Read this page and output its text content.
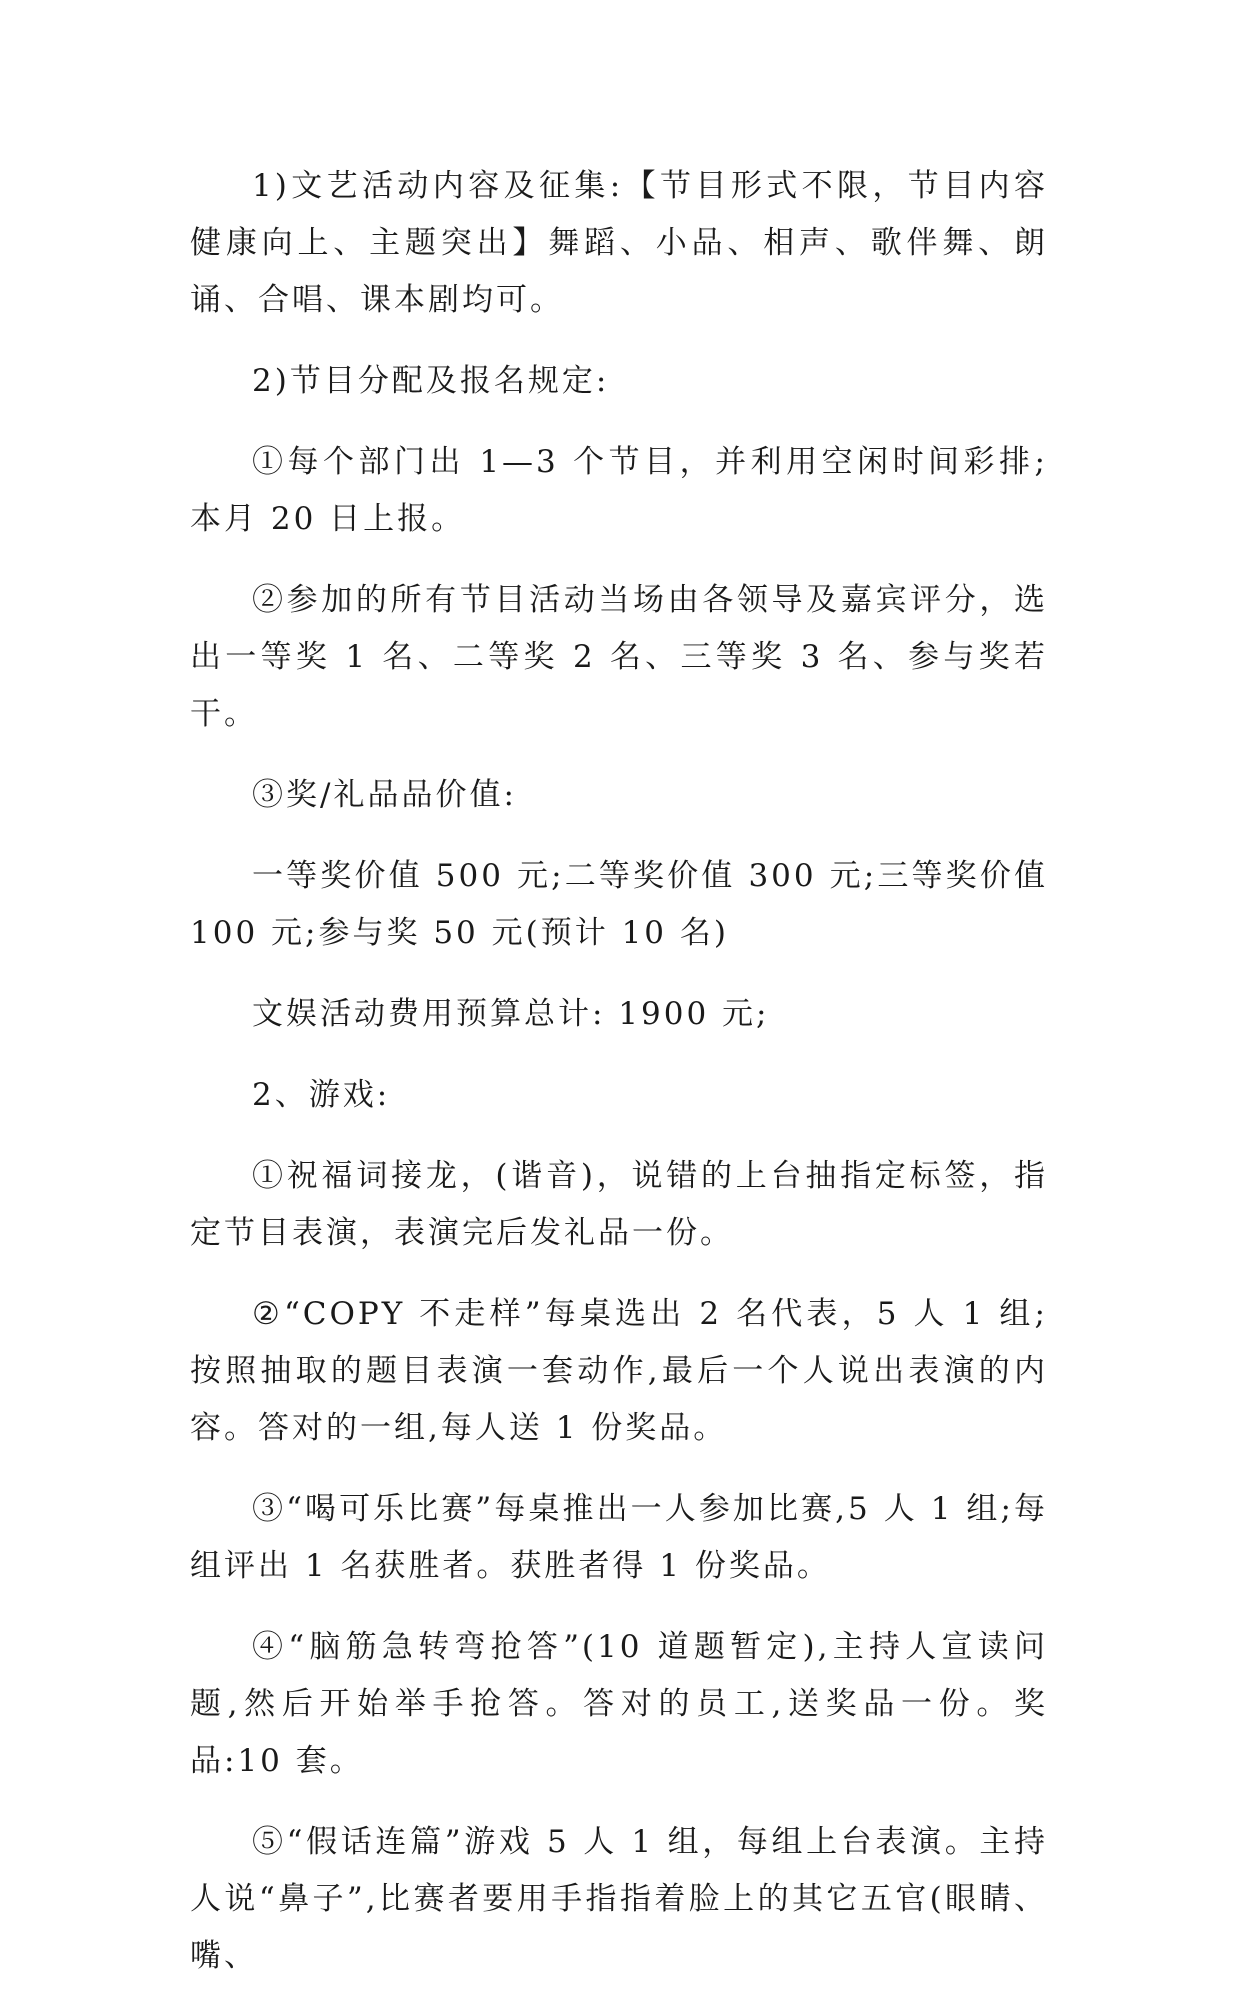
1)文艺活动内容及征集:【节目形式不限，节目内容健康向上、主题突出】舞蹈、小品、相声、歌伴舞、朗诵、合唱、课本剧均可。

2)节目分配及报名规定:

①每个部门出 1—3 个节目，并利用空闲时间彩排;本月 20 日上报。

②参加的所有节目活动当场由各领导及嘉宾评分，选出一等奖 1 名、二等奖 2 名、三等奖 3 名、参与奖若干。

③奖/礼品品价值:

一等奖价值 500 元;二等奖价值 300 元;三等奖价值 100 元;参与奖 50 元(预计 10 名)

文娱活动费用预算总计: 1900 元;

2、游戏:

①祝福词接龙，(谐音)，说错的上台抽指定标签，指定节目表演，表演完后发礼品一份。

②“COPY 不走样”每桌选出 2 名代表，5 人 1 组;按照抽取的题目表演一套动作,最后一个人说出表演的内容。答对的一组,每人送 1 份奖品。

③“喝可乐比赛”每桌推出一人参加比赛,5 人 1 组;每组评出 1 名获胜者。获胜者得 1 份奖品。

④“脑筋急转弯抢答”(10 道题暂定),主持人宣读问题,然后开始举手抢答。答对的员工,送奖品一份。奖品:10 套。

⑤“假话连篇”游戏 5 人 1 组，每组上台表演。主持人说“鼻子”,比赛者要用手指指着脸上的其它五官(眼睛、嘴、
